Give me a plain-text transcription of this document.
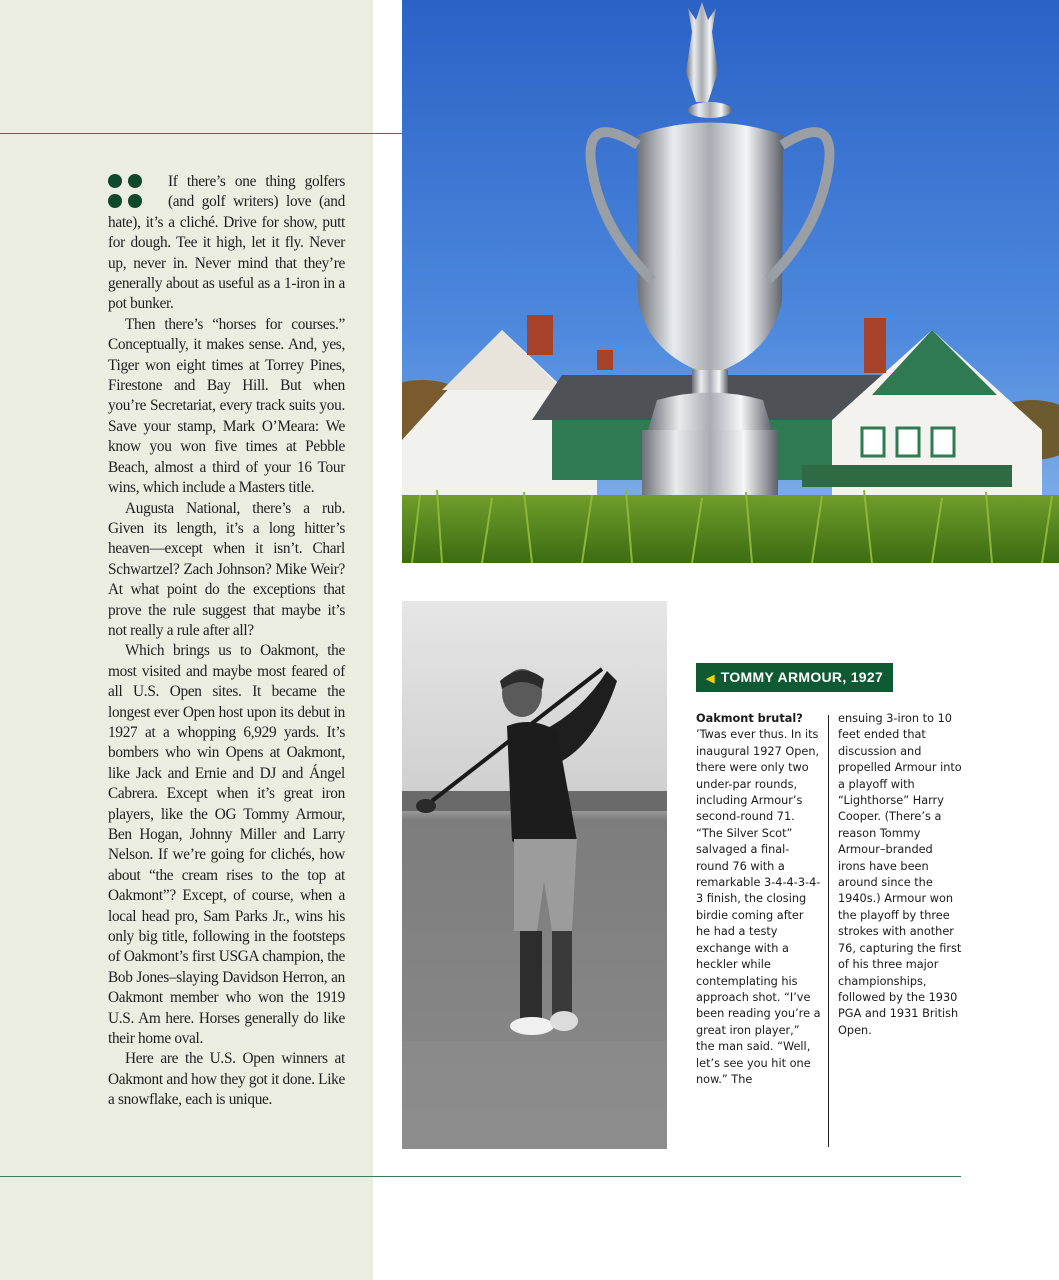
If there’s one thing golfers (and golf writers) love (and hate), it’s a cliché. Drive for show, putt for dough. Tee it high, let it fly. Never up, never in. Never mind that they’re generally about as useful as a 1-iron in a pot bunker.

Then there’s “horses for courses.” Conceptually, it makes sense. And, yes, Tiger won eight times at Torrey Pines, Firestone and Bay Hill. But when you’re Secretariat, every track suits you. Save your stamp, Mark O’Meara: We know you won five times at Pebble Beach, almost a third of your 16 Tour wins, which include a Masters title.

Augusta National, there’s a rub. Given its length, it’s a long hitter’s heaven—except when it isn’t. Charl Schwartzel? Zach Johnson? Mike Weir? At what point do the exceptions that prove the rule suggest that maybe it’s not really a rule after all?

Which brings us to Oakmont, the most visited and maybe most feared of all U.S. Open sites. It became the longest ever Open host upon its debut in 1927 at a whopping 6,929 yards. It’s bombers who win Opens at Oakmont, like Jack and Ernie and DJ and Ángel Cabrera. Except when it’s great iron players, like the OG Tommy Armour, Ben Hogan, Johnny Miller and Larry Nelson. If we’re going for clichés, how about “the cream rises to the top at Oakmont”? Except, of course, when a local head pro, Sam Parks Jr., wins his only big title, following in the footsteps of Oakmont’s first USGA champion, the Bob Jones–slaying Davidson Herron, an Oakmont member who won the 1919 U.S. Am here. Horses generally do like their home oval.

Here are the U.S. Open winners at Oakmont and how they got it done. Like a snowflake, each is unique.

◀ TOMMY ARMOUR, 1927
Oakmont brutal? ’Twas ever thus. In its inaugural 1927 Open, there were only two under-par rounds, including Armour’s second-round 71. “The Silver Scot” salvaged a final-round 76 with a remarkable 3-4-4-3-4-3 finish, the closing birdie coming after he had a testy exchange with a heckler while contemplating his approach shot. “I’ve been reading you’re a great iron player,” the man said. “Well, let’s see you hit one now.” The
ensuing 3-iron to 10 feet ended that discussion and propelled Armour into a playoff with “Lighthorse” Harry Cooper. (There’s a reason Tommy Armour–branded irons have been around since the 1940s.) Armour won the playoff by three strokes with another 76, capturing the first of his three major championships, followed by the 1930 PGA and 1931 British Open.
